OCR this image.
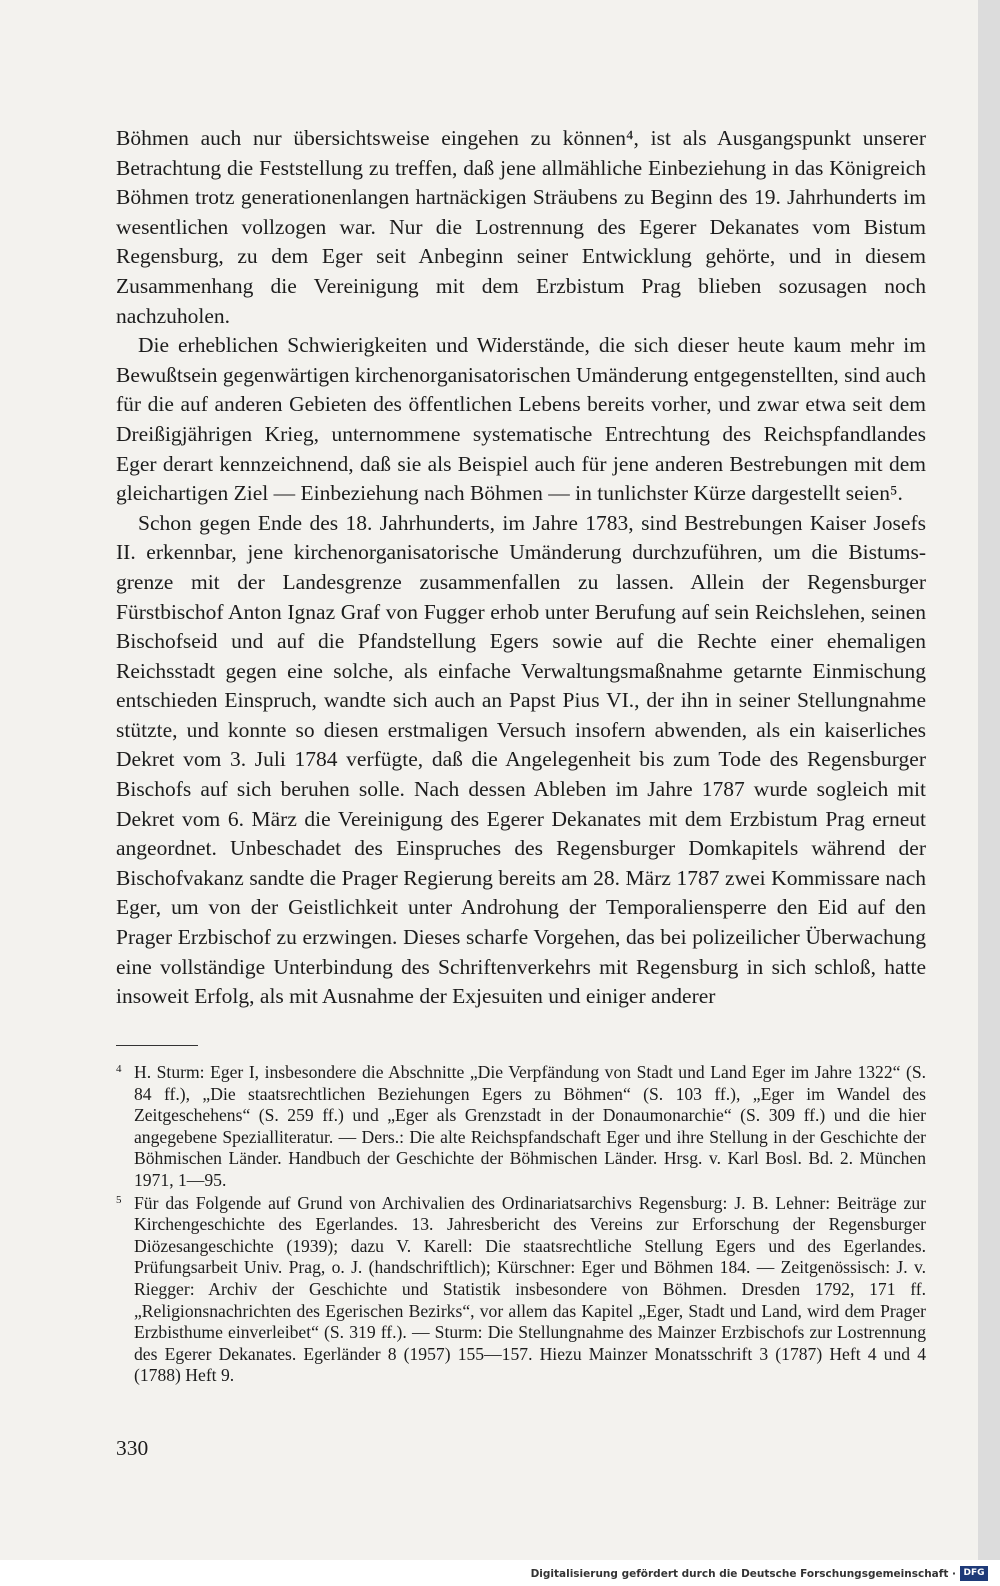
Böhmen auch nur übersichtsweise eingehen zu können⁴, ist als Ausgangspunkt unserer Betrachtung die Feststellung zu treffen, daß jene allmähliche Einbeziehung in das Königreich Böhmen trotz generationenlangen hartnäckigen Sträubens zu Beginn des 19. Jahrhunderts im wesentlichen vollzogen war. Nur die Lostrennung des Egerer Dekanates vom Bistum Regensburg, zu dem Eger seit Anbeginn seiner Entwicklung gehörte, und in diesem Zusammenhang die Vereinigung mit dem Erzbistum Prag blieben sozusagen noch nachzuholen.

Die erheblichen Schwierigkeiten und Widerstände, die sich dieser heute kaum mehr im Bewußtsein gegenwärtigen kirchenorganisatorischen Umänderung entgegenstellten, sind auch für die auf anderen Gebieten des öffentlichen Lebens bereits vorher, und zwar etwa seit dem Dreißigjährigen Krieg, unternommene systematische Entrechtung des Reichspfandlandes Eger derart kennzeichnend, daß sie als Beispiel auch für jene anderen Bestrebungen mit dem gleichartigen Ziel — Einbeziehung nach Böhmen — in tunlichster Kürze dargestellt seien⁵.

Schon gegen Ende des 18. Jahrhunderts, im Jahre 1783, sind Bestrebungen Kaiser Josefs II. erkennbar, jene kirchenorganisatorische Umänderung durchzuführen, um die Bistumsgrenze mit der Landesgrenze zusammenfallen zu lassen. Allein der Regensburger Fürstbischof Anton Ignaz Graf von Fugger erhob unter Berufung auf sein Reichslehen, seinen Bischofseid und auf die Pfandstellung Egers sowie auf die Rechte einer ehemaligen Reichsstadt gegen eine solche, als einfache Verwaltungsmaßnahme getarnte Einmischung entschieden Einspruch, wandte sich auch an Papst Pius VI., der ihn in seiner Stellungnahme stützte, und konnte so diesen erstmaligen Versuch insofern abwenden, als ein kaiserliches Dekret vom 3. Juli 1784 verfügte, daß die Angelegenheit bis zum Tode des Regensburger Bischofs auf sich beruhen solle. Nach dessen Ableben im Jahre 1787 wurde sogleich mit Dekret vom 6. März die Vereinigung des Egerer Dekanates mit dem Erzbistum Prag erneut angeordnet. Unbeschadet des Einspruches des Regensburger Domkapitels während der Bischofvakanz sandte die Prager Regierung bereits am 28. März 1787 zwei Kommissare nach Eger, um von der Geistlichkeit unter Androhung der Temporaliensperre den Eid auf den Prager Erzbischof zu erzwingen. Dieses scharfe Vorgehen, das bei polizeilicher Überwachung eine vollständige Unterbindung des Schriftenverkehrs mit Regensburg in sich schloß, hatte insoweit Erfolg, als mit Ausnahme der Exjesuiten und einiger anderer

4 H. Sturm: Eger I, insbesondere die Abschnitte „Die Verpfändung von Stadt und Land Eger im Jahre 1322“ (S. 84 ff.), „Die staatsrechtlichen Beziehungen Egers zu Böhmen“ (S. 103 ff.), „Eger im Wandel des Zeitgeschehens“ (S. 259 ff.) und „Eger als Grenzstadt in der Donaumonarchie“ (S. 309 ff.) und die hier angegebene Spezialliteratur. — Ders.: Die alte Reichspfandschaft Eger und ihre Stellung in der Geschichte der Böhmischen Länder. Handbuch der Geschichte der Böhmischen Länder. Hrsg. v. Karl Bosl. Bd. 2. München 1971, 1—95.
5 Für das Folgende auf Grund von Archivalien des Ordinariatsarchivs Regensburg: J. B. Lehner: Beiträge zur Kirchengeschichte des Egerlandes. 13. Jahresbericht des Vereins zur Erforschung der Regensburger Diözesangeschichte (1939); dazu V. Karell: Die staatsrechtliche Stellung Egers und des Egerlandes. Prüfungsarbeit Univ. Prag, o. J. (handschriftlich); Kürschner: Eger und Böhmen 184. — Zeitgenössisch: J. v. Riegger: Archiv der Geschichte und Statistik insbesondere von Böhmen. Dresden 1792, 171 ff. „Religionsnachrichten des Egerischen Bezirks“, vor allem das Kapitel „Eger, Stadt und Land, wird dem Prager Erzbisthume einverleibet“ (S. 319 ff.). — Sturm: Die Stellungnahme des Mainzer Erzbischofs zur Lostrennung des Egerer Dekanates. Egerländer 8 (1957) 155—157. Hiezu Mainzer Monatsschrift 3 (1787) Heft 4 und 4 (1788) Heft 9.
330
Digitalisierung gefördert durch die Deutsche Forschungsgemeinschaft · DFG
